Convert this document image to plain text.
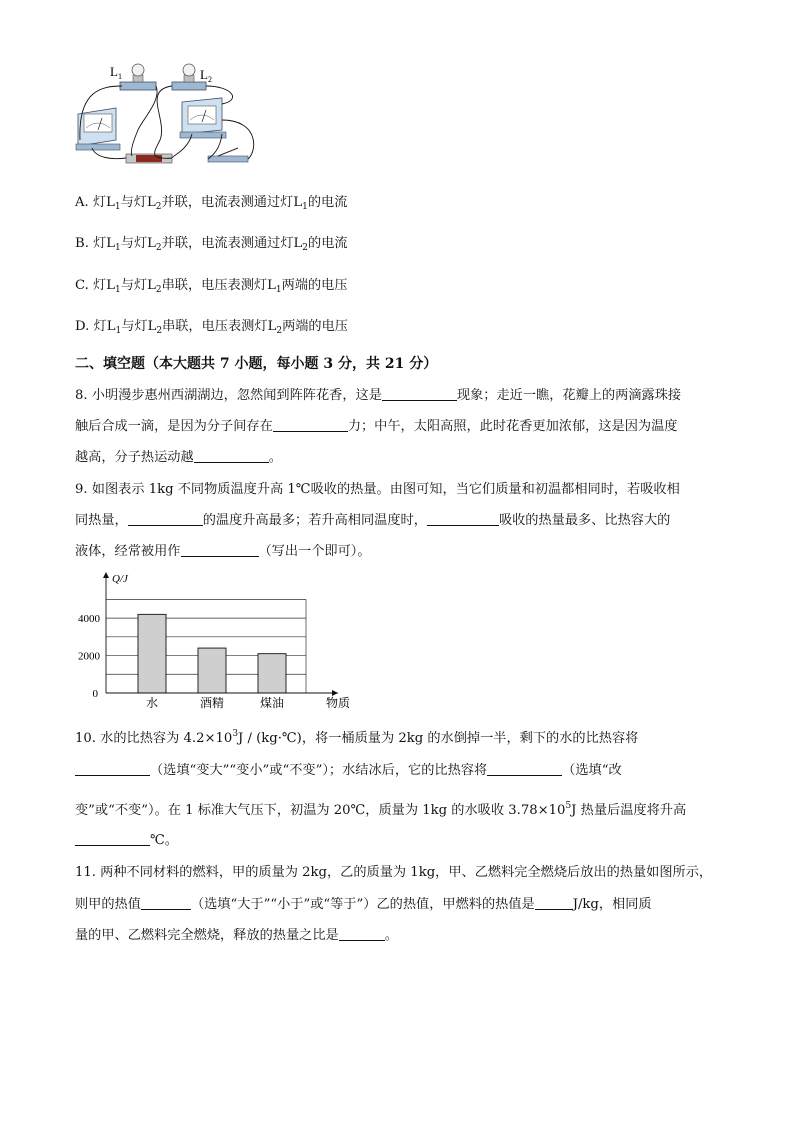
$L_1$	$L_2$
A. 灯$L_1$与灯$L_2$并联，电流表测通过灯$L_1$的电流
B. 灯$L_1$与灯$L_2$并联，电流表测通过灯$L_2$的电流
C. 灯$L_1$与灯$L_2$串联，电压表测灯$L_1$两端的电压
D. 灯$L_1$与灯$L_2$串联，电压表测灯$L_2$两端的电压
二、填空题（本大题共 7 小题，每小题 3 分，共 21 分）
8. 小明漫步惠州西湖湖边，忽然闻到阵阵花香，这是	现象；走近一瞧，花瓣上的两滴露珠接
触后合成一滴，是因为分子间存在	力；中午，太阳高照，此时花香更加浓郁，这是因为温度
越高，分子热运动越	。
9. 如图表示 1kg 不同物质温度升高 1℃吸收的热量。由图可知，当它们质量和初温都相同时，若吸收相
同热量，	的温度升高最多；若升高相同温度时，	吸收的热量最多、比热容大的
液体，经常被用作	（写出一个即可）。
水	酒精	煤油
0
2000
4000
Q/J
物质
10. 水的比热容为 $4.2\times 10^3J$ / (kg·℃)，将一桶质量为 2kg 的水倒掉一半，剩下的水的比热容将
（选填“变大”“变小”或“不变”）；水结冰后，它的比热容将	（选填“改
变”或“不变”）。在 1 标准大气压下，初温为 20℃，质量为 1kg 的水吸收 $3.78\times 10^5J$ 热量后温度将升高
℃。
11. 两种不同材料的燃料，甲的质量为 2kg，乙的质量为 1kg，甲、乙燃料完全燃烧后放出的热量如图所示，
则甲的热值	（选填“大于”“小于”或“等于”）乙的热值，甲燃料的热值是	J/kg，相同质
量的甲、乙燃料完全燃烧，释放的热量之比是	。
